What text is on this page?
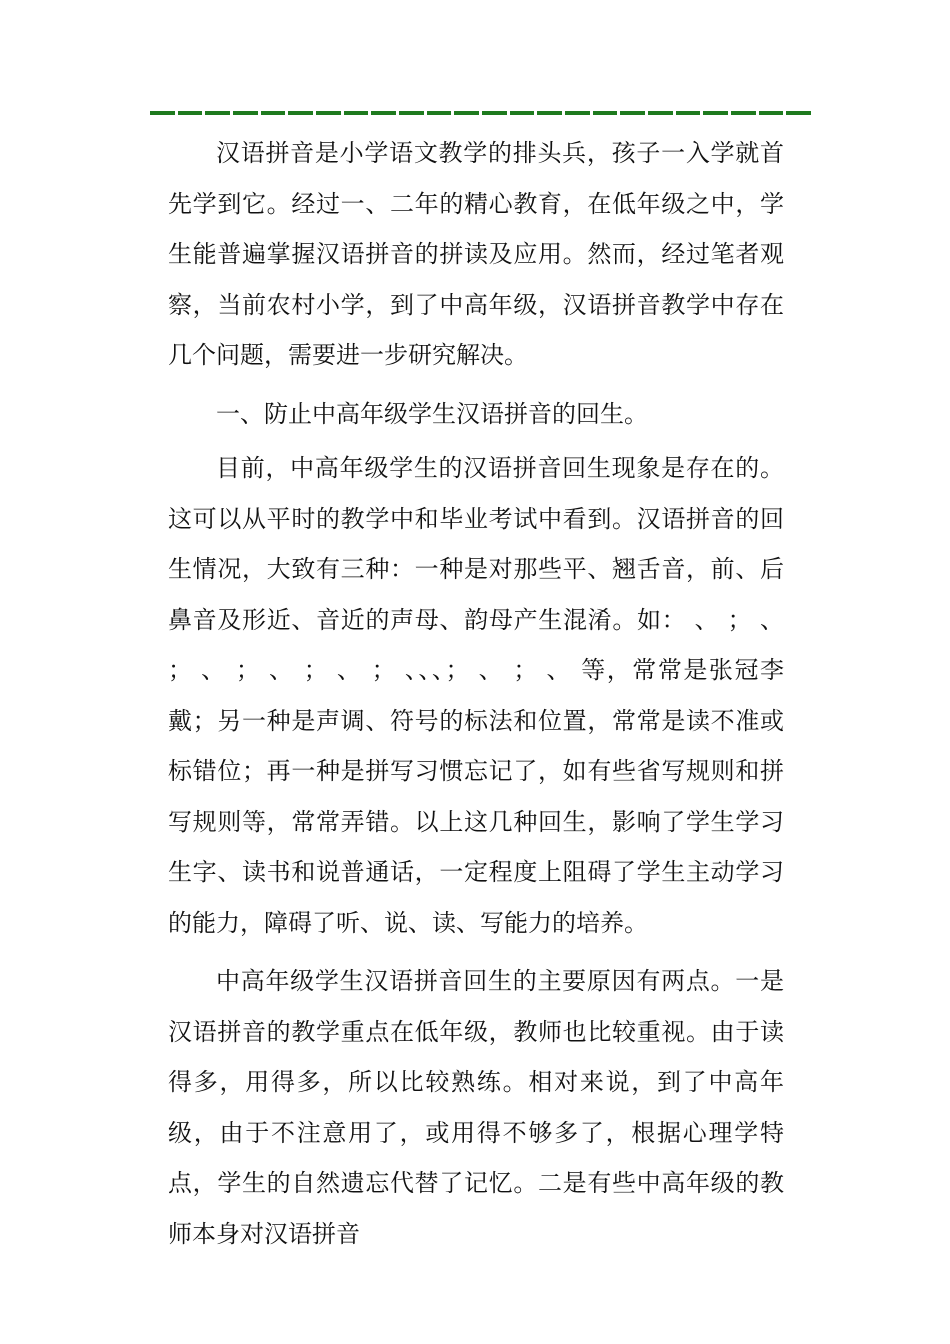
汉语拼音是小学语文教学的排头兵，孩子一入学就首先学到它。经过一、二年的精心教育，在低年级之中，学生能普遍掌握汉语拼音的拼读及应用。然而，经过笔者观察，当前农村小学，到了中高年级，汉语拼音教学中存在几个问题，需要进一步研究解决。

一、防止中高年级学生汉语拼音的回生。

目前，中高年级学生的汉语拼音回生现象是存在的。这可以从平时的教学中和毕业考试中看到。汉语拼音的回生情况，大致有三种：一种是对那些平、翘舌音，前、后鼻音及形近、音近的声母、韵母产生混淆。如： 、 ； 、 ； 、 ； 、 ； 、 ； 、、、； 、 ； 、 等，常常是张冠李戴；另一种是声调、符号的标法和位置，常常是读不准或标错位；再一种是拼写习惯忘记了，如有些省写规则和拼写规则等，常常弄错。以上这几种回生，影响了学生学习生字、读书和说普通话，一定程度上阻碍了学生主动学习的能力，障碍了听、说、读、写能力的培养。

中高年级学生汉语拼音回生的主要原因有两点。一是汉语拼音的教学重点在低年级，教师也比较重视。由于读得多，用得多，所以比较熟练。相对来说，到了中高年级，由于不注意用了，或用得不够多了，根据心理学特点，学生的自然遗忘代替了记忆。二是有些中高年级的教师本身对汉语拼音
